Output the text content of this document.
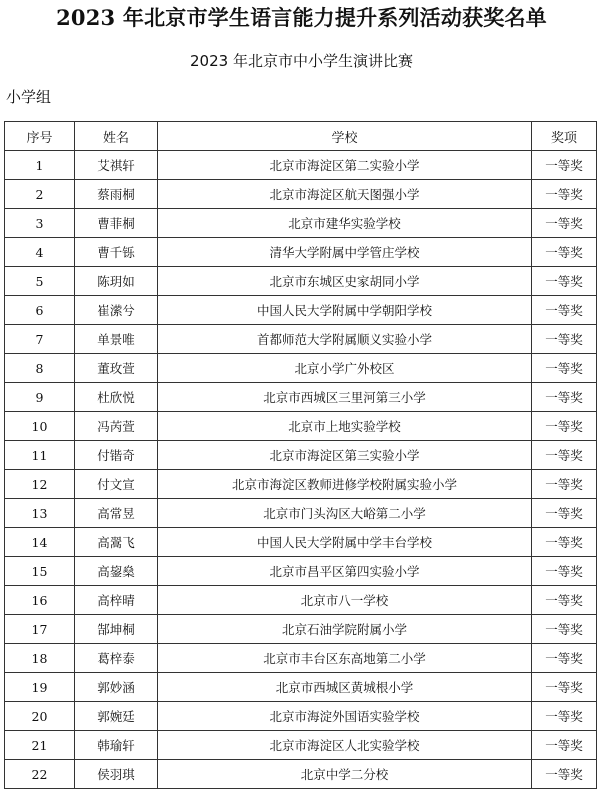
2023 年北京市学生语言能力提升系列活动获奖名单
2023 年北京市中小学生演讲比赛
小学组
序号	姓名	学校	奖项
1	艾祺轩	北京市海淀区第二实验小学	一等奖
2	蔡雨桐	北京市海淀区航天图强小学	一等奖
3	曹菲桐	北京市建华实验学校	一等奖
4	曹千铄	清华大学附属中学管庄学校	一等奖
5	陈玥如	北京市东城区史家胡同小学	一等奖
6	崔潆兮	中国人民大学附属中学朝阳学校	一等奖
7	单景唯	首都师范大学附属顺义实验小学	一等奖
8	董玫萱	北京小学广外校区	一等奖
9	杜欣悦	北京市西城区三里河第三小学	一等奖
10	冯芮萱	北京市上地实验学校	一等奖
11	付锴奇	北京市海淀区第三实验小学	一等奖
12	付文宣	北京市海淀区教师进修学校附属实验小学	一等奖
13	高常昱	北京市门头沟区大峪第二小学	一等奖
14	高翯飞	中国人民大学附属中学丰台学校	一等奖
15	高鋆燊	北京市昌平区第四实验小学	一等奖
16	高梓晴	北京市八一学校	一等奖
17	郜坤桐	北京石油学院附属小学	一等奖
18	葛梓泰	北京市丰台区东高地第二小学	一等奖
19	郭妙涵	北京市西城区黄城根小学	一等奖
20	郭婉廷	北京市海淀外国语实验学校	一等奖
21	韩瑜轩	北京市海淀区人北实验学校	一等奖
22	侯羽琪	北京中学二分校	一等奖
